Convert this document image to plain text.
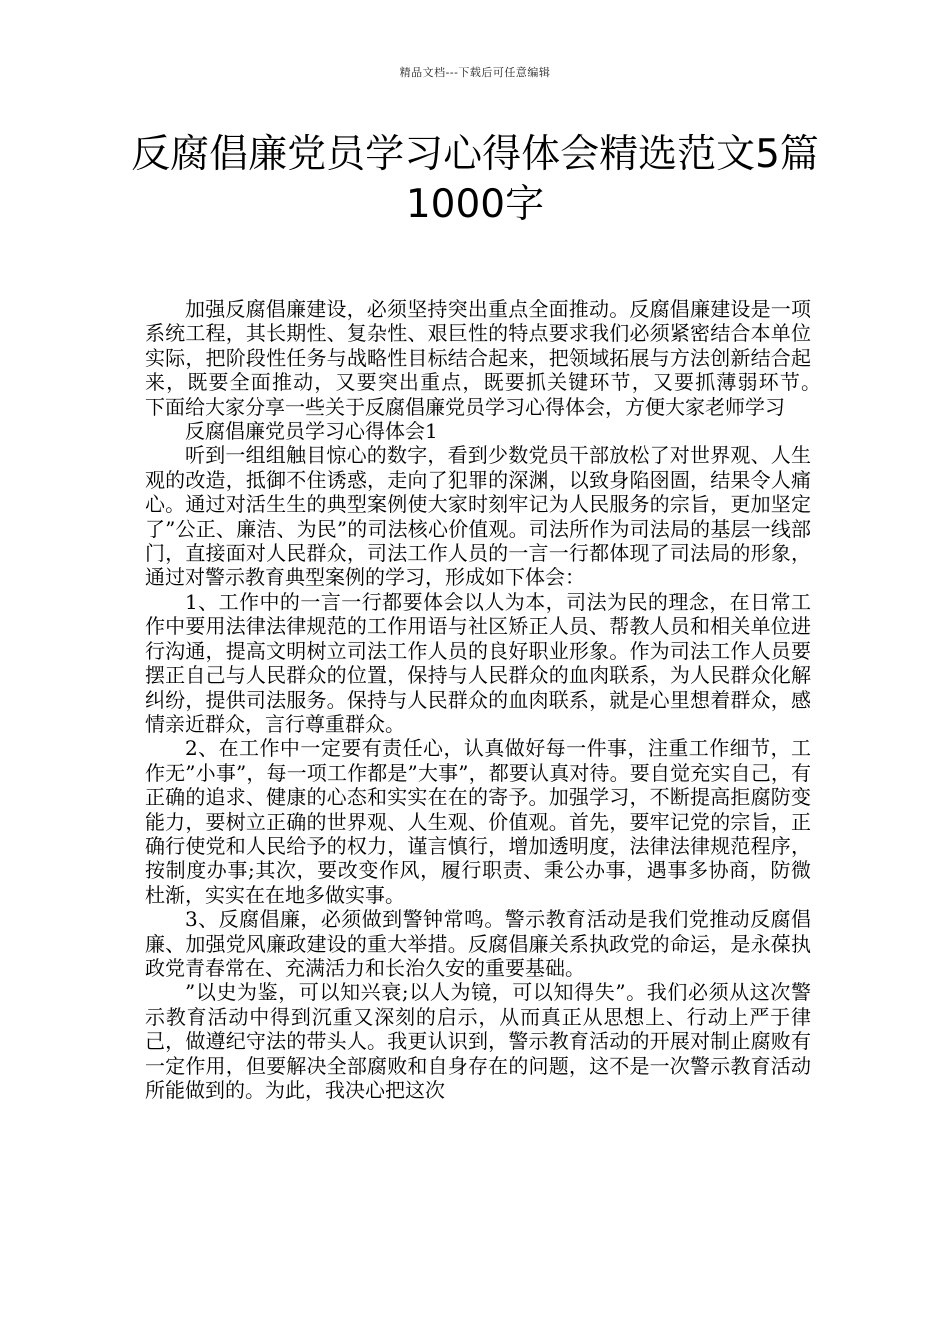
精品文档---下载后可任意编辑
反腐倡廉党员学习心得体会精选范文5篇1000字

加强反腐倡廉建设，必须坚持突出重点全面推动。反腐倡廉建设是一项系统工程，其长期性、复杂性、艰巨性的特点要求我们必须紧密结合本单位实际，把阶段性任务与战略性目标结合起来，把领域拓展与方法创新结合起来，既要全面推动，又要突出重点，既要抓关键环节，又要抓薄弱环节。　下面给大家分享一些关于反腐倡廉党员学习心得体会，方便大家老师学习

反腐倡廉党员学习心得体会1

听到一组组触目惊心的数字，看到少数党员干部放松了对世界观、人生观的改造，抵御不住诱惑，走向了犯罪的深渊，以致身陷囹圄，结果令人痛心。通过对活生生的典型案例使大家时刻牢记为人民服务的宗旨，更加坚定了”公正、廉洁、为民”的司法核心价值观。司法所作为司法局的基层一线部门，直接面对人民群众，司法工作人员的一言一行都体现了司法局的形象，通过对警示教育典型案例的学习，形成如下体会：

1、工作中的一言一行都要体会以人为本，司法为民的理念，在日常工作中要用法律法律规范的工作用语与社区矫正人员、帮教人员和相关单位进行沟通，提高文明树立司法工作人员的良好职业形象。作为司法工作人员要摆正自己与人民群众的位置，保持与人民群众的血肉联系，为人民群众化解纠纷，提供司法服务。保持与人民群众的血肉联系，就是心里想着群众，感情亲近群众，言行尊重群众。

2、在工作中一定要有责任心，认真做好每一件事，注重工作细节，工作无”小事”，每一项工作都是”大事”，都要认真对待。要自觉充实自己，有正确的追求、健康的心态和实实在在的寄予。加强学习，不断提高拒腐防变能力，要树立正确的世界观、人生观、价值观。首先，要牢记党的宗旨，正确行使党和人民给予的权力，谨言慎行，增加透明度，法律法律规范程序，按制度办事;其次，要改变作风，履行职责、秉公办事，遇事多协商，防微杜渐，实实在在地多做实事。

3、反腐倡廉，必须做到警钟常鸣。警示教育活动是我们党推动反腐倡廉、加强党风廉政建设的重大举措。反腐倡廉关系执政党的命运，是永葆执政党青春常在、充满活力和长治久安的重要基础。

”以史为鉴，可以知兴衰;以人为镜，可以知得失”。我们必须从这次警示教育活动中得到沉重又深刻的启示，从而真正从思想上、行动上严于律己，做遵纪守法的带头人。我更认识到，警示教育活动的开展对制止腐败有一定作用，但要解决全部腐败和自身存在的问题，这不是一次警示教育活动所能做到的。为此，我决心把这次
